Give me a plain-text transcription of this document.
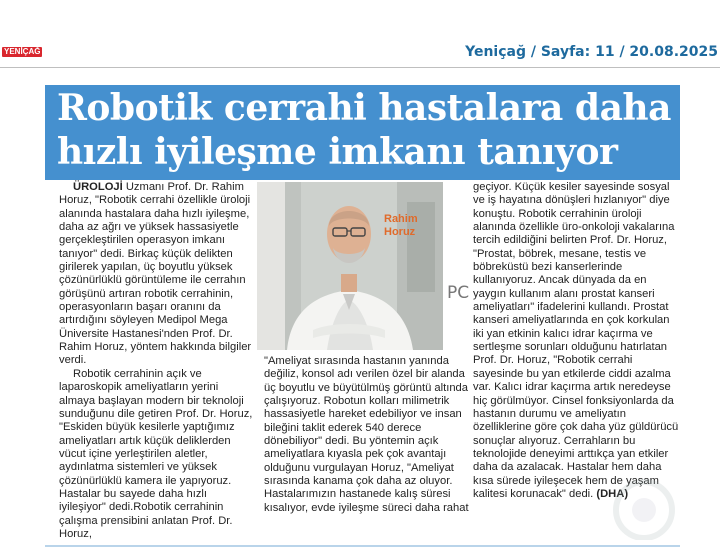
YENİÇAĞ	Yeniçağ / Sayfa: 11 / 20.08.2025
Robotik cerrahi hastalara daha
hızlı iyileşme imkanı tanıyor

ÜROLOJİ Uzmanı Prof. Dr. Rahim Horuz, "Robotik cerrahi özellikle üroloji alanında hastalara daha hızlı iyileşme, daha az ağrı ve yüksek hassasiyetle gerçekleştirilen operasyon imkanı tanıyor" dedi. Birkaç küçük delikten girilerek yapılan, üç boyutlu yüksek çözünürlüklü görüntüleme ile cerrahın görüşünü artıran robotik cerrahinin, operasyonların başarı oranını da artırdığını söyleyen Medipol Mega Üniversite Hastanesi'nden Prof. Dr. Rahim Horuz, yöntem hakkında bilgiler verdi.

Robotik cerrahinin açık ve laparoskopik ameliyatların yerini almaya başlayan modern bir teknoloji sunduğunu dile getiren Prof. Dr. Horuz, "Eskiden büyük kesilerle yaptığımız ameliyatları artık küçük deliklerden vücut içine yerleştirilen aletler, aydınlatma sistemleri ve yüksek çözünürlüklü kamera ile yapıyoruz. Hastalar bu sayede daha hızlı iyileşiyor" dedi.Robotik cerrahinin çalışma prensibini anlatan Prof. Dr. Horuz,

Rahim
Horuz
PC

"Ameliyat sırasında hastanın yanında değiliz, konsol adı verilen özel bir alanda üç boyutlu ve büyütülmüş görüntü altında çalışıyoruz. Robotun kolları milimetrik hassasiyetle hareket edebiliyor ve insan bileğini taklit ederek 540 derece dönebiliyor" dedi. Bu yöntemin açık ameliyatlara kıyasla pek çok avantajı olduğunu vurgulayan Horuz, "Ameliyat sırasında kanama çok daha az oluyor. Hastalarımızın hastanede kalış süresi kısalıyor, evde iyileşme süreci daha rahat

geçiyor. Küçük kesiler sayesinde sosyal ve iş hayatına dönüşleri hızlanıyor" diye konuştu. Robotik cerrahinin üroloji alanında özellikle üro-onkoloji vakalarına tercih edildiğini belirten Prof. Dr. Horuz, "Prostat, böbrek, mesane, testis ve böbreküstü bezi kanserlerinde kullanıyoruz. Ancak dünyada da en yaygın kullanım alanı prostat kanseri ameliyatları" ifadelerini kullandı. Prostat kanseri ameliyatlarında en çok korkulan iki yan etkinin kalıcı idrar kaçırma ve sertleşme sorunları olduğunu hatırlatan Prof. Dr. Horuz, "Robotik cerrahi sayesinde bu yan etkilerde ciddi azalma var. Kalıcı idrar kaçırma artık neredeyse hiç görülmüyor. Cinsel fonksiyonlarda da hastanın durumu ve ameliyatın özelliklerine göre çok daha yüz güldürücü sonuçlar alıyoruz. Cerrahların bu teknolojide deneyimi arttıkça yan etkiler daha da azalacak. Hastalar hem daha kısa sürede iyileşecek hem de yaşam kalitesi korunacak" dedi. (DHA)
